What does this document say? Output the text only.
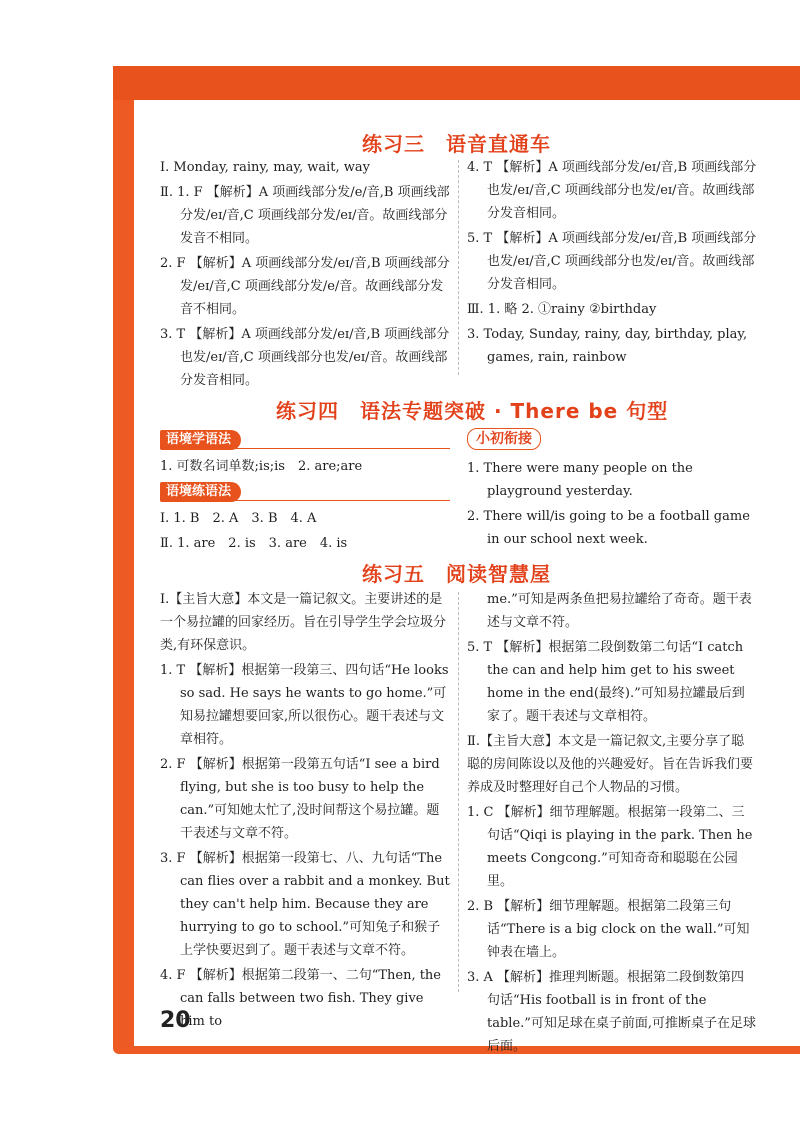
练习三　语音直通车

Ⅰ. Monday, rainy, may, wait, way

Ⅱ. 1. F 【解析】A 项画线部分发/e/音,B 项画线部分发/eɪ/音,C 项画线部分发/eɪ/音。故画线部分发音不相同。

2. F 【解析】A 项画线部分发/eɪ/音,B 项画线部分发/eɪ/音,C 项画线部分发/e/音。故画线部分发音不相同。

3. T 【解析】A 项画线部分发/eɪ/音,B 项画线部分也发/eɪ/音,C 项画线部分也发/eɪ/音。故画线部分发音相同。

4. T 【解析】A 项画线部分发/eɪ/音,B 项画线部分也发/eɪ/音,C 项画线部分也发/eɪ/音。故画线部分发音相同。

5. T 【解析】A 项画线部分发/eɪ/音,B 项画线部分也发/eɪ/音,C 项画线部分也发/eɪ/音。故画线部分发音相同。

Ⅲ. 1. 略 2. ①rainy ②birthday

3. Today, Sunday, rainy, day, birthday, play, games, rain, rainbow

练习四　语法专题突破 · There be 句型
语境学语法

1. 可数名词单数;is;is　2. are;are

语境练语法

Ⅰ. 1. B　2. A　3. B　4. A

Ⅱ. 1. are　2. is　3. are　4. is

小初衔接

1. There were many people on the playground yesterday.

2. There will/is going to be a football game in our school next week.

练习五　阅读智慧屋

Ⅰ.【主旨大意】本文是一篇记叙文。主要讲述的是一个易拉罐的回家经历。旨在引导学生学会垃圾分类,有环保意识。

1. T 【解析】根据第一段第三、四句话“He looks so sad. He says he wants to go home.”可知易拉罐想要回家,所以很伤心。题干表述与文章相符。

2. F 【解析】根据第一段第五句话“I see a bird flying, but she is too busy to help the can.”可知她太忙了,没时间帮这个易拉罐。题干表述与文章不符。

3. F 【解析】根据第一段第七、八、九句话“The can flies over a rabbit and a monkey. But they can't help him. Because they are hurrying to go to school.”可知兔子和猴子上学快要迟到了。题干表述与文章不符。

4. F 【解析】根据第二段第一、二句“Then, the can falls between two fish. They give him to

me.”可知是两条鱼把易拉罐给了奇奇。题干表述与文章不符。

5. T 【解析】根据第二段倒数第二句话“I catch the can and help him get to his sweet home in the end(最终).”可知易拉罐最后到家了。题干表述与文章相符。

Ⅱ.【主旨大意】本文是一篇记叙文,主要分享了聪聪的房间陈设以及他的兴趣爱好。旨在告诉我们要养成及时整理好自己个人物品的习惯。

1. C 【解析】细节理解题。根据第一段第二、三句话“Qiqi is playing in the park. Then he meets Congcong.”可知奇奇和聪聪在公园里。

2. B 【解析】细节理解题。根据第二段第三句话“There is a big clock on the wall.”可知钟表在墙上。

3. A 【解析】推理判断题。根据第二段倒数第四句话“His football is in front of the table.”可知足球在桌子前面,可推断桌子在足球后面。

20
